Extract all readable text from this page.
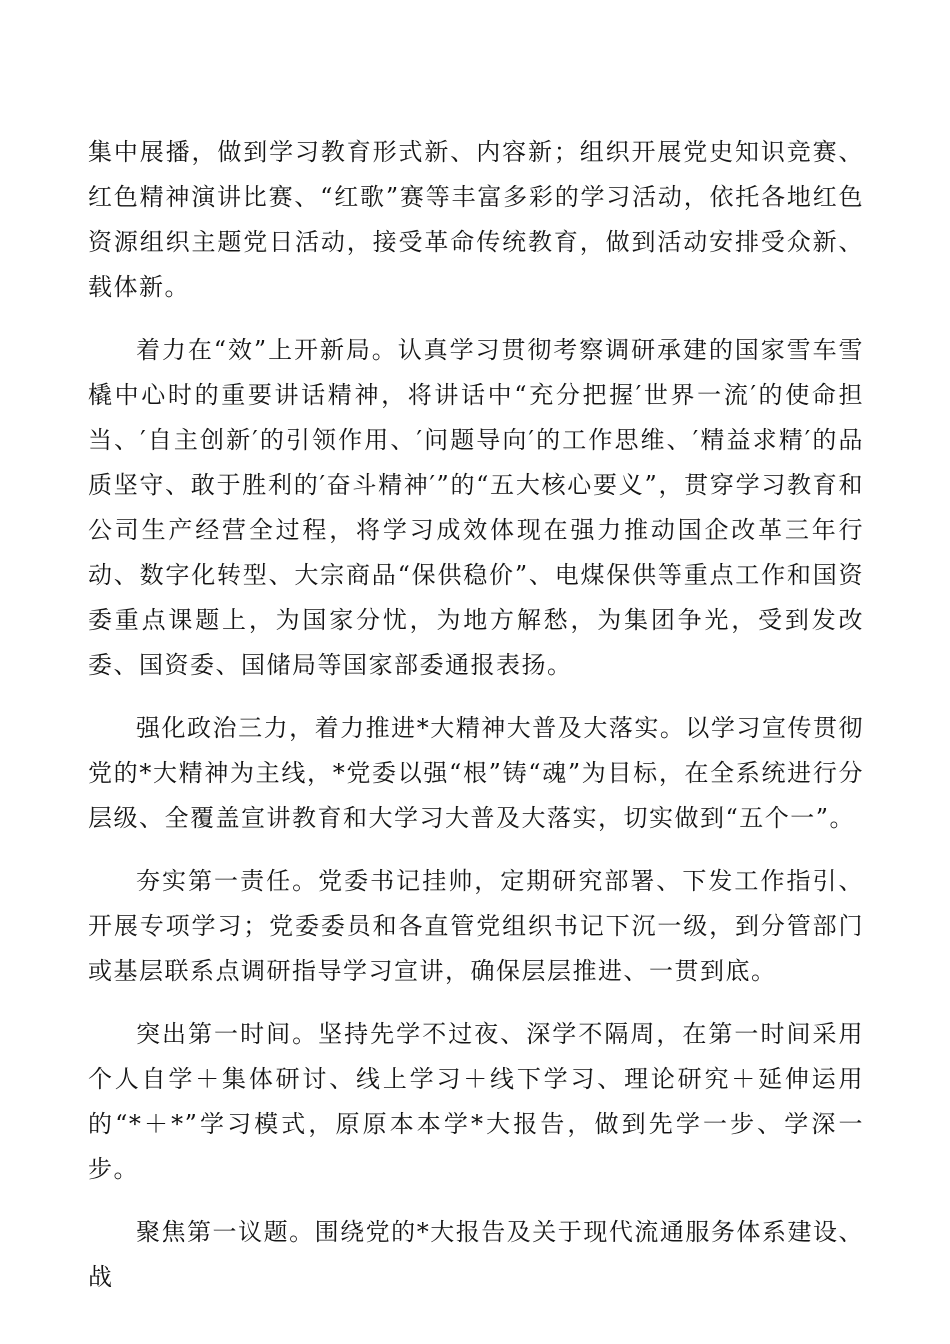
集中展播，做到学习教育形式新、内容新；组织开展党史知识竞赛、红色精神演讲比赛、“红歌”赛等丰富多彩的学习活动，依托各地红色资源组织主题党日活动，接受革命传统教育，做到活动安排受众新、载体新。

着力在“效”上开新局。认真学习贯彻考察调研承建的国家雪车雪橇中心时的重要讲话精神，将讲话中“充分把握′世界一流′的使命担当、′自主创新′的引领作用、′问题导向′的工作思维、′精益求精′的品质坚守、敢于胜利的′奋斗精神′”的“五大核心要义”，贯穿学习教育和公司生产经营全过程，将学习成效体现在强力推动国企改革三年行动、数字化转型、大宗商品“保供稳价”、电煤保供等重点工作和国资委重点课题上，为国家分忧，为地方解愁，为集团争光，受到发改委、国资委、国储局等国家部委通报表扬。

强化政治三力，着力推进*大精神大普及大落实。以学习宣传贯彻党的*大精神为主线，*党委以强“根”铸“魂”为目标，在全系统进行分层级、全覆盖宣讲教育和大学习大普及大落实，切实做到“五个一”。

夯实第一责任。党委书记挂帅，定期研究部署、下发工作指引、开展专项学习；党委委员和各直管党组织书记下沉一级，到分管部门或基层联系点调研指导学习宣讲，确保层层推进、一贯到底。

突出第一时间。坚持先学不过夜、深学不隔周，在第一时间采用个人自学＋集体研讨、线上学习＋线下学习、理论研究＋延伸运用的“*＋*”学习模式，原原本本学*大报告，做到先学一步、学深一步。

聚焦第一议题。围绕党的*大报告及关于现代流通服务体系建设、战
